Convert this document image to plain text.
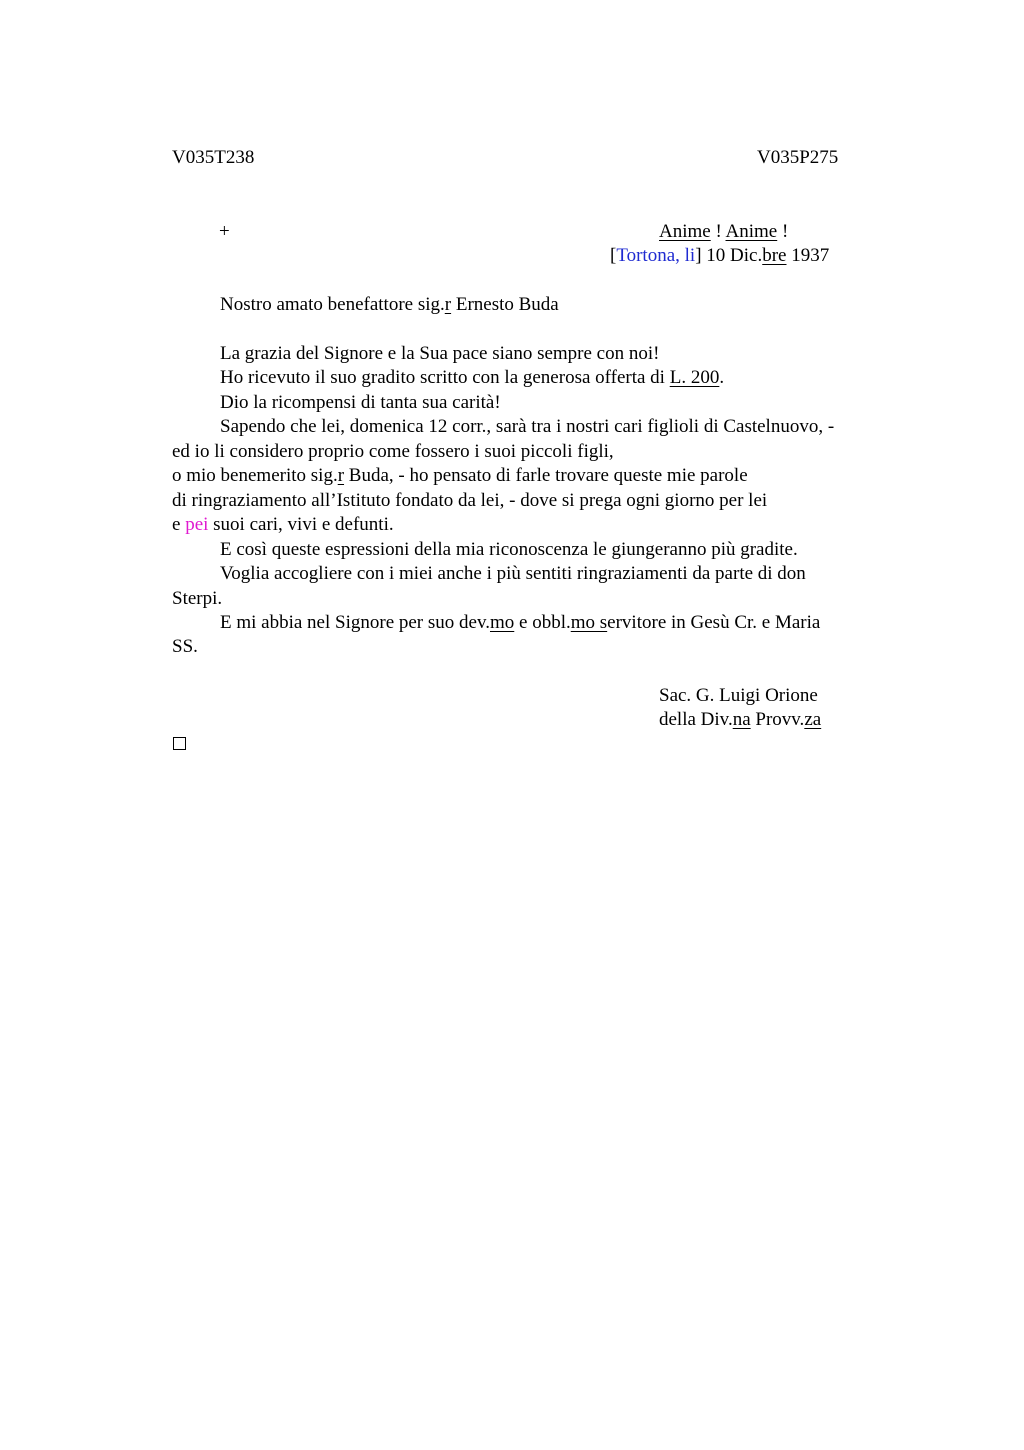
V035T238	V035P275
+	Anime ! Anime !
[Tortona, li] 10 Dic.bre 1937
Nostro amato benefattore sig.r Ernesto Buda
La grazia del Signore e la Sua pace siano sempre con noi!
Ho ricevuto il suo gradito scritto con la generosa offerta di L. 200.
Dio la ricompensi di tanta sua carità!
Sapendo che lei, domenica 12 corr., sarà tra i nostri cari figlioli di Castelnuovo, -
ed io li considero proprio come fossero i suoi piccoli figli,
o mio benemerito sig.r Buda, - ho pensato di farle trovare queste mie parole
di ringraziamento all’Istituto fondato da lei, - dove si prega ogni giorno per lei
e pei suoi cari, vivi e defunti.
E così queste espressioni della mia riconoscenza le giungeranno più gradite.
Voglia accogliere con i miei anche i più sentiti ringraziamenti da parte di don
Sterpi.
E mi abbia nel Signore per suo dev.mo e obbl.mo servitore in Gesù Cr. e Maria
SS.
Sac. G. Luigi Orione
della Div.na Provv.za
